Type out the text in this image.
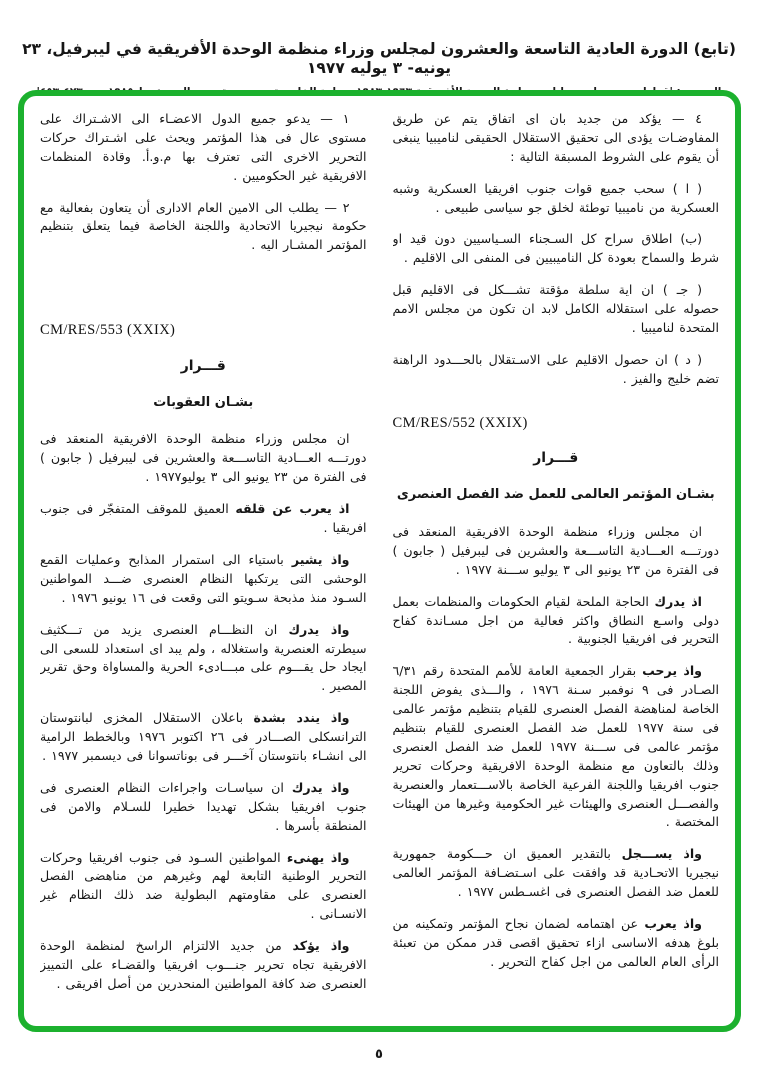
(تابع) الدورة العادية التاسعة والعشرون لمجلس وزراء منظمة الوحدة الأفريقية في ليبرفيل، ٢٣ يونيه- ٣ يوليه ١٩٧٧

٤ — يؤكد من جديد بان اى اتفاق يتم عن طريق المفاوضـات يؤدى الى تحقيق الاستقلال الحقيقى لناميبيا ينبغى أن يقوم على الشروط المسبقة التالية :

( ا ) سحب جميع قوات جنوب افريقيا العسكرية وشبه العسكرية من ناميبيا توطئة لخلق جو سياسى طبيعى .

(ب) اطلاق سراح كل السـجناء السـياسيين دون قيد او شرط والسماح بعودة كل الناميبيين فى المنفى الى الاقليم .

( جـ ) ان اية سلطة مؤقتة تشـــكل فى الاقليم قبل حصوله على استقلاله الكامل لابد ان تكون من مجلس الامم المتحدة لناميبيا .

( د ) ان حصول الاقليم على الاسـتقلال بالحـــدود الراهنة تضم خليج والفيز .

CM/RES/552 (XXIX)
قـــرار
بشـان المؤتمر العالمى للعمل ضد الفصل العنصرى

ان مجلس وزراء منظمة الوحدة الافريقية المنعقد فى دورتـــه العـــادية التاســـعة والعشرين فى ليبرفيل ( جابون ) فى الفترة من ٢٣ يونيو الى ٣ يوليو ســـنة ١٩٧٧ .

اذ يدرك الحاجة الملحة لقيام الحكومات والمنظمات بعمل دولى واسـع النطاق واكثر فعالية من اجل مسـاندة كفاح التحرير فى افريقيا الجنوبية .

واذ يرحب بقرار الجمعية العامة للأمم المتحدة رقم ٦/٣١ الصـادر فى ٩ نوفمبر سـنة ١٩٧٦ ، والـــذى يفوض اللجنة الخاصة لمناهضة الفصل العنصرى للقيام بتنظيم مؤتمر عالمى فى سنة ١٩٧٧ للعمل ضد الفصل العنصرى للقيام بتنظيم مؤتمر عالمى فى ســـنة ١٩٧٧ للعمل ضد الفصل العنصرى وذلك بالتعاون مع منظمة الوحدة الافريقية وحركات تحرير جنوب افريقيا واللجنة الفرعية الخاصة بالاســـتعمار والعنصرية والفصـــل العنصرى والهيئات غير الحكومية وغيرها من الهيئات المختصة .

واذ يســـجل بالتقدير العميق ان حـــكومة جمهورية نيجيريا الاتحـادية قد وافقت على اسـتضـافة المؤتمر العالمى للعمل ضد الفصل العنصرى فى اغسـطس ١٩٧٧ .

واذ يعرب عن اهتمامه لضمان نجاح المؤتمر وتمكينه من بلوغ هدفه الاساسى ازاء تحقيق اقصى قدر ممكن من تعبئة الرأى العام العالمى من اجل كفاح التحرير .

١ — يدعو جميع الدول الاعضـاء الى الاشـتراك على مستوى عال فى هذا المؤتمر ويحث على اشـتراك حركات التحرير الاخرى التى تعترف بها م.و.أ. وقادة المنظمات الافريقية غير الحكوميين .

٢ — يطلب الى الامين العام الادارى أن يتعاون بفعالية مع حكومة نيجيريا الاتحادية واللجنة الخاصة فيما يتعلق بتنظيم المؤتمر المشـار اليه .

CM/RES/553 (XXIX)
قـــرار
بشـان العقوبات

ان مجلس وزراء منظمة الوحدة الافريقية المنعقد فى دورتـــه العـــادية التاســـعة والعشرين فى ليبرفيل ( جابون ) فى الفترة من ٢٣ يونيو الى ٣ يوليو١٩٧٧ .

اذ يعرب عن قلقه العميق للموقف المتفجّر فى جنوب افريقيا .

واذ يشير باستياء الى استمرار المذابح وعمليات القمع الوحشى التى يرتكبها النظام العنصرى ضـــد المواطنين السـود منذ مذبحة سـويتو التى وقعت فى ١٦ يونيو ١٩٧٦ .

واذ يدرك ان النظـــام العنصرى يزيد من تـــكثيف سيطرته العنصرية واستغلاله ، ولم يبد اى استعداد للسعى الى ايجاد حل يقـــوم على مبـــادىء الحرية والمساواة وحق تقرير المصير .

واذ يندد بشدة باعلان الاستقلال المخزى لبانتوستان الترانسكلى الصـــادر فى ٢٦ اكتوبر ١٩٧٦ وبالخطط الرامية الى انشـاء بانتوستان آخـــر فى بوناتسوانا فى ديسمبر ١٩٧٧ .

واذ يدرك ان سياسـات واجراءات النظام العنصرى فى جنوب افريقيا بشكل تهديدا خطيرا للسـلام والامن فى المنطقة بأسرها .

واذ يهنىء المواطنين السـود فى جنوب افريقيا وحركات التحرير الوطنية التابعة لهم وغيرهم من مناهضى الفصل العنصرى على مقاومتهم البطولية ضد ذلك النظام غير الانسـانى .

واذ يؤكد من جديد الالتزام الراسخ لمنظمة الوحدة الافريقية تجاه تحرير جنـــوب افريقيا والقضـاء على التمييز العنصرى ضد كافة المواطنين المنحدرين من أصل افريقى .

٥
